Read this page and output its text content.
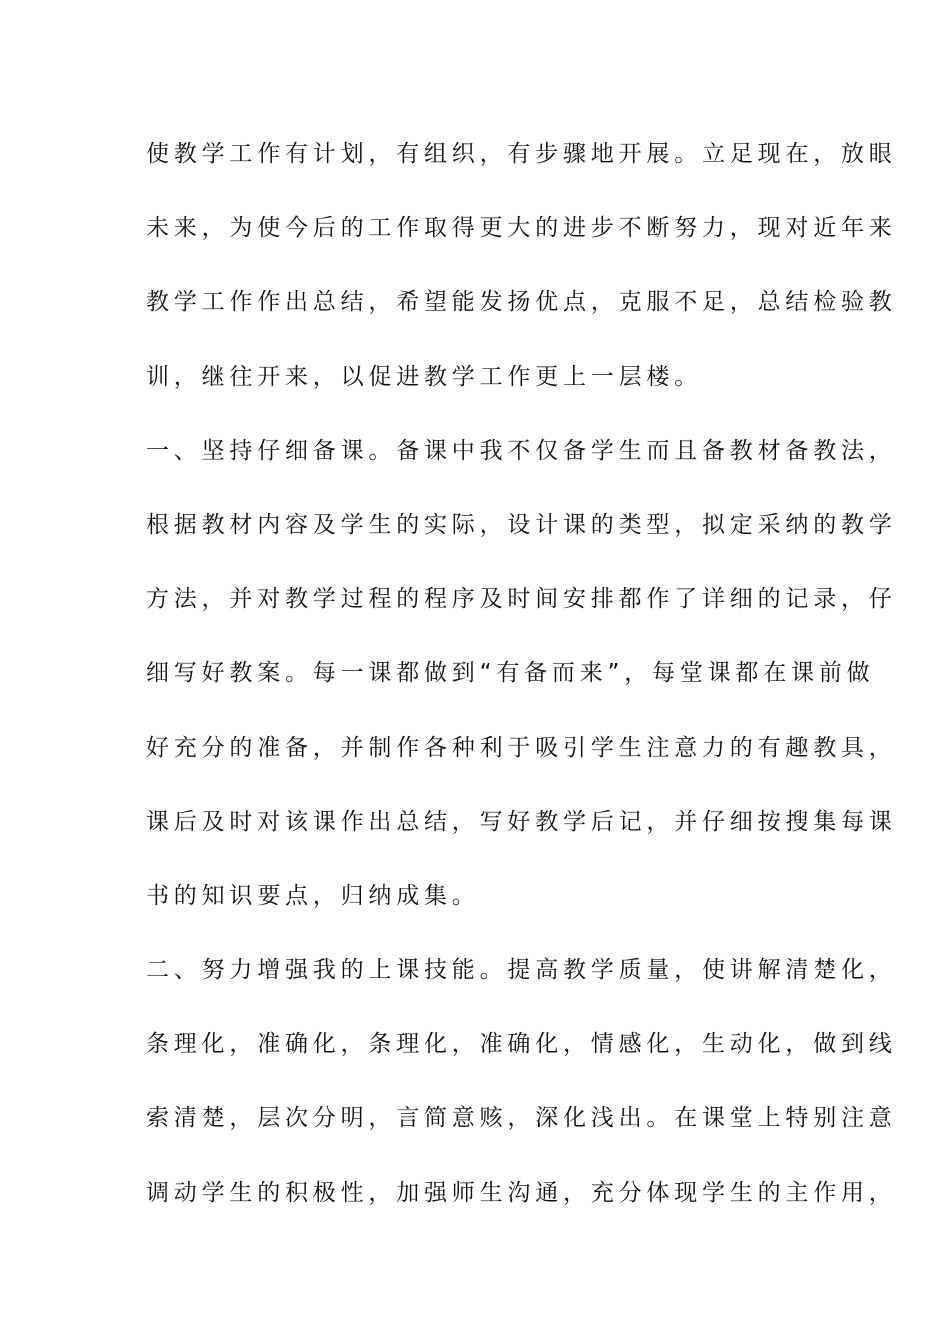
使教学工作有计划，有组织，有步骤地开展。立足现在，放眼
未来，为使今后的工作取得更大的进步不断努力，现对近年来
教学工作作出总结，希望能发扬优点，克服不足，总结检验教
训，继往开来，以促进教学工作更上一层楼。
一、坚持仔细备课。备课中我不仅备学生而且备教材备教法，
根据教材内容及学生的实际，设计课的类型，拟定采纳的教学
方法，并对教学过程的程序及时间安排都作了详细的记录，仔
细写好教案。每一课都做到“有备而来”，每堂课都在课前做
好充分的准备，并制作各种利于吸引学生注意力的有趣教具，
课后及时对该课作出总结，写好教学后记，并仔细按搜集每课
书的知识要点，归纳成集。
二、努力增强我的上课技能。提高教学质量，使讲解清楚化，
条理化，准确化，条理化，准确化，情感化，生动化，做到线
索清楚，层次分明，言简意赅，深化浅出。在课堂上特别注意
调动学生的积极性，加强师生沟通，充分体现学生的主作用，
